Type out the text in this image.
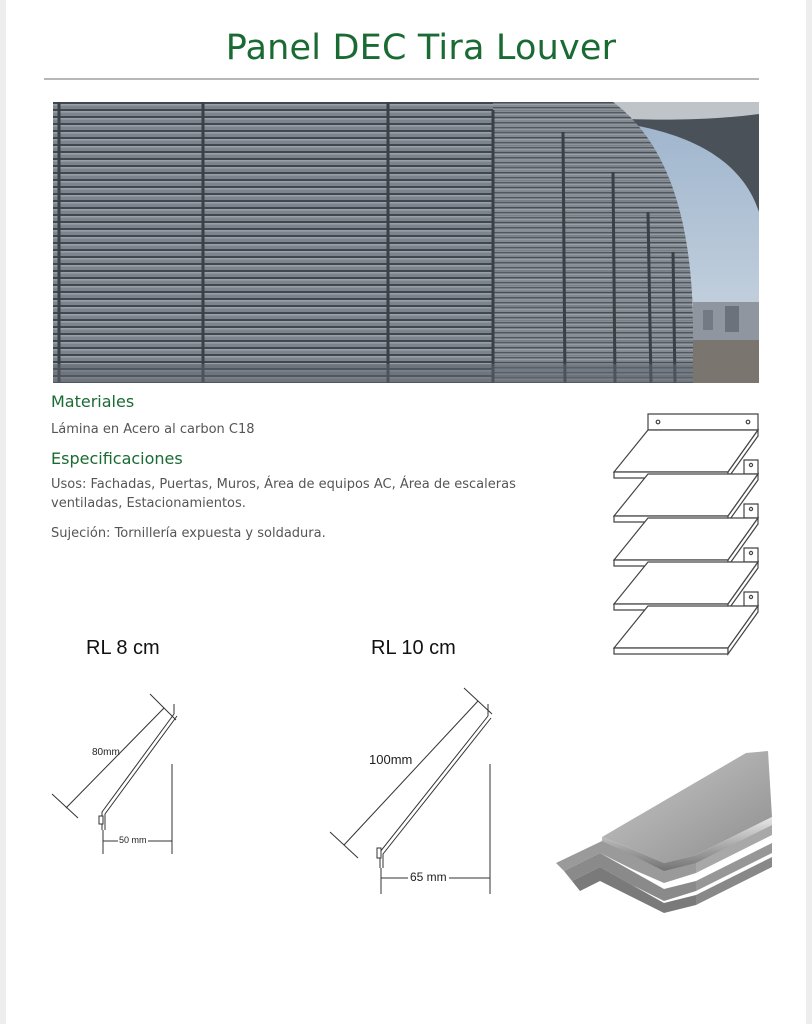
Panel DEC Tira Louver
Materiales
Lámina en Acero al carbon C18
Especificaciones
Usos: Fachadas, Puertas, Muros, Área de equipos AC, Área de escaleras
ventiladas, Estacionamientos.
Sujeción: Tornillería expuesta y soldadura.
RL 8 cm
80mm
50 mm
RL 10 cm
100mm
65 mm
